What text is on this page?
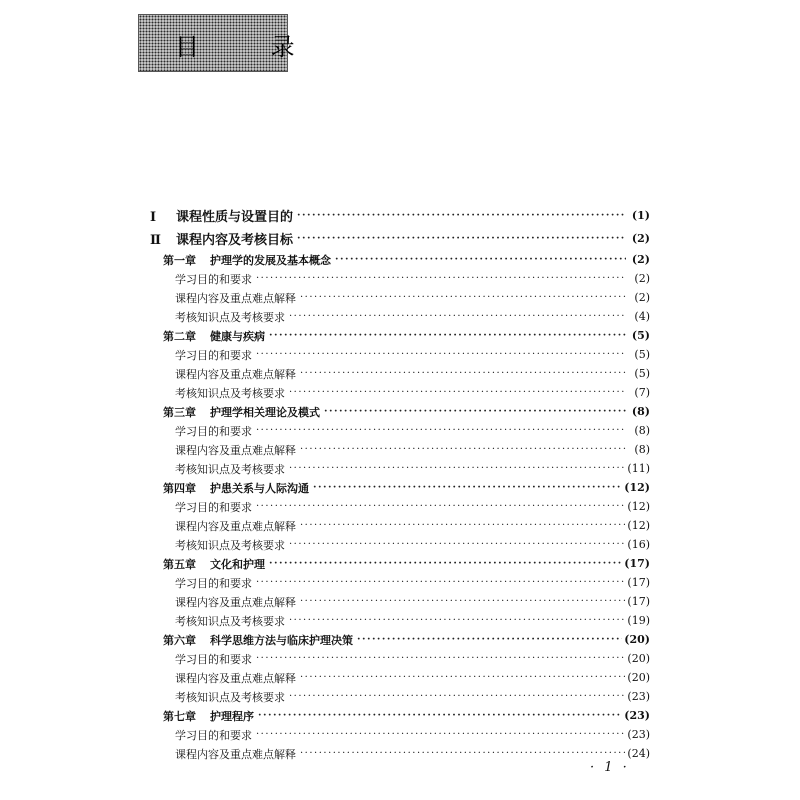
目 录
Ⅰ 课程性质与设置目的 ·····	(1)
Ⅱ 课程内容及考核目标 ·····	(2)
第一章 护理学的发展及基本概念 ·····	(2)
学习目的和要求 ·····	(2)
课程内容及重点难点解释 ·····	(2)
考核知识点及考核要求 ·····	(4)
第二章 健康与疾病 ·····	(5)
学习目的和要求 ·····	(5)
课程内容及重点难点解释 ·····	(5)
考核知识点及考核要求 ·····	(7)
第三章 护理学相关理论及模式 ·····	(8)
学习目的和要求 ·····	(8)
课程内容及重点难点解释 ·····	(8)
考核知识点及考核要求 ·····	(11)
第四章 护患关系与人际沟通 ·····	(12)
学习目的和要求 ·····	(12)
课程内容及重点难点解释 ·····	(12)
考核知识点及考核要求 ·····	(16)
第五章 文化和护理 ·····	(17)
学习目的和要求 ·····	(17)
课程内容及重点难点解释 ·····	(17)
考核知识点及考核要求 ·····	(19)
第六章 科学思维方法与临床护理决策 ·····	(20)
学习目的和要求 ·····	(20)
课程内容及重点难点解释 ·····	(20)
考核知识点及考核要求 ·····	(23)
第七章 护理程序 ·····	(23)
学习目的和要求 ·····	(23)
课程内容及重点难点解释 ·····	(24)
· 1 ·
